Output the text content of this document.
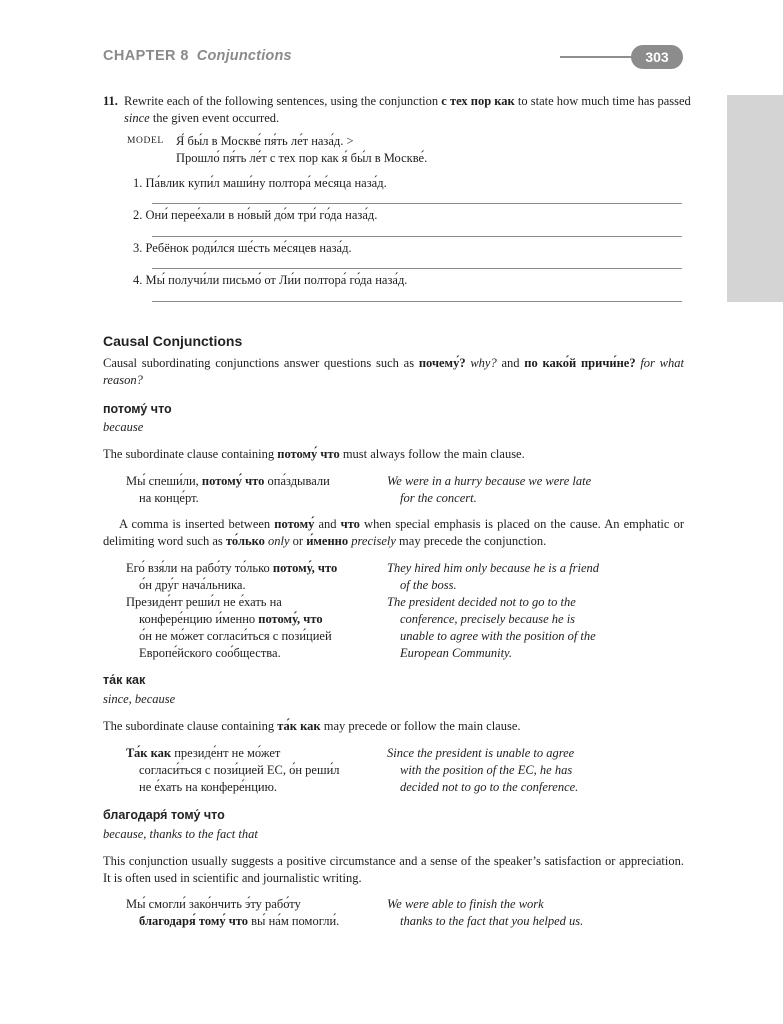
CHAPTER 8 Conjunctions	303
11. Rewrite each of the following sentences, using the conjunction с тех пор как to state how much time has passed since the given event occurred.
MODEL Я́ бы́л в Москве́ пя́ть ле́т наза́д. >
Прошло́ пя́ть ле́т с тех пор как я́ бы́л в Москве́.
1. Па́влик купи́л маши́ну полтора́ ме́сяца наза́д.
2. Они́ перее́хали в но́вый до́м три́ го́да наза́д.
3. Ребёнок роди́лся ше́сть ме́сяцев наза́д.
4. Мы́ получи́ли письмо́ от Ли́и полтора́ го́да наза́д.
Causal Conjunctions
Causal subordinating conjunctions answer questions such as почему́? why? and по како́й причи́не? for what reason?
потому́ что
because
The subordinate clause containing потому́ что must always follow the main clause.
Мы́ спеши́ли, потому́ что опа́здывали
на конце́рт.
We were in a hurry because we were late
for the concert.
A comma is inserted between потому́ and что when special emphasis is placed on the cause. An emphatic or delimiting word such as то́лько only or и́менно precisely may precede the conjunction.
Его́ взя́ли на рабо́ту то́лько потому́, что
о́н дру́г нача́льника.
Президе́нт реши́л не е́хать на
конфере́нцию и́менно потому́, что
о́н не мо́жет согласи́ться с пози́цией
Европе́йского соо́бщества.
They hired him only because he is a friend
of the boss.
The president decided not to go to the
conference, precisely because he is
unable to agree with the position of the
European Community.
та́к как
since, because
The subordinate clause containing та́к как may precede or follow the main clause.
Та́к как президе́нт не мо́жет
согласи́ться с пози́цией ЕС, о́н реши́л
не е́хать на конфере́нцию.
Since the president is unable to agree
with the position of the EC, he has
decided not to go to the conference.
благодаря́ тому́ что
because, thanks to the fact that
This conjunction usually suggests a positive circumstance and a sense of the speaker’s satisfaction or appreciation. It is often used in scientific and journalistic writing.
Мы́ смогли́ зако́нчить э́ту рабо́ту
благодаря́ тому́ что вы́ на́м помогли́.
We were able to finish the work
thanks to the fact that you helped us.
